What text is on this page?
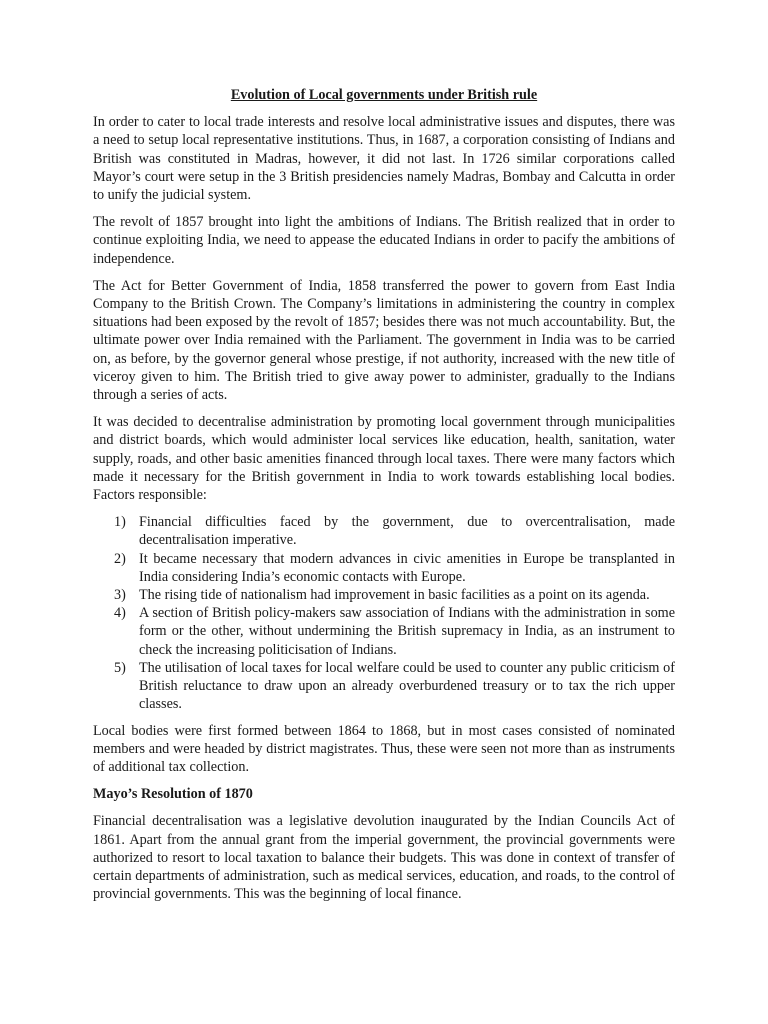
Evolution of Local governments under British rule

In order to cater to local trade interests and resolve local administrative issues and disputes, there was a need to setup local representative institutions. Thus, in 1687, a corporation consisting of Indians and British was constituted in Madras, however, it did not last. In 1726 similar corporations called Mayor’s court were setup in the 3 British presidencies namely Madras, Bombay and Calcutta in order to unify the judicial system.

The revolt of 1857 brought into light the ambitions of Indians. The British realized that in order to continue exploiting India, we need to appease the educated Indians in order to pacify the ambitions of independence.

The Act for Better Government of India, 1858 transferred the power to govern from East India Company to the British Crown. The Company’s limitations in administering the country in complex situations had been exposed by the revolt of 1857; besides there was not much accountability. But, the ultimate power over India remained with the Parliament. The government in India was to be carried on, as before, by the governor general whose prestige, if not authority, increased with the new title of viceroy given to him. The British tried to give away power to administer, gradually to the Indians through a series of acts.

It was decided to decentralise administration by promoting local government through municipalities and district boards, which would administer local services like education, health, sanitation, water supply, roads, and other basic amenities financed through local taxes. There were many factors which made it necessary for the British government in India to work towards establishing local bodies. Factors responsible:

1) Financial difficulties faced by the government, due to overcentralisation, made decentralisation imperative.
2) It became necessary that modern advances in civic amenities in Europe be transplanted in India considering India’s economic contacts with Europe.
3) The rising tide of nationalism had improvement in basic facilities as a point on its agenda.
4) A section of British policy-makers saw association of Indians with the administration in some form or the other, without undermining the British supremacy in India, as an instrument to check the increasing politicisation of Indians.
5) The utilisation of local taxes for local welfare could be used to counter any public criticism of British reluctance to draw upon an already overburdened treasury or to tax the rich upper classes.

Local bodies were first formed between 1864 to 1868, but in most cases consisted of nominated members and were headed by district magistrates. Thus, these were seen not more than as instruments of additional tax collection.

Mayo’s Resolution of 1870

Financial decentralisation was a legislative devolution inaugurated by the Indian Councils Act of 1861. Apart from the annual grant from the imperial government, the provincial governments were authorized to resort to local taxation to balance their budgets. This was done in context of transfer of certain departments of administration, such as medical services, education, and roads, to the control of provincial governments. This was the beginning of local finance.
